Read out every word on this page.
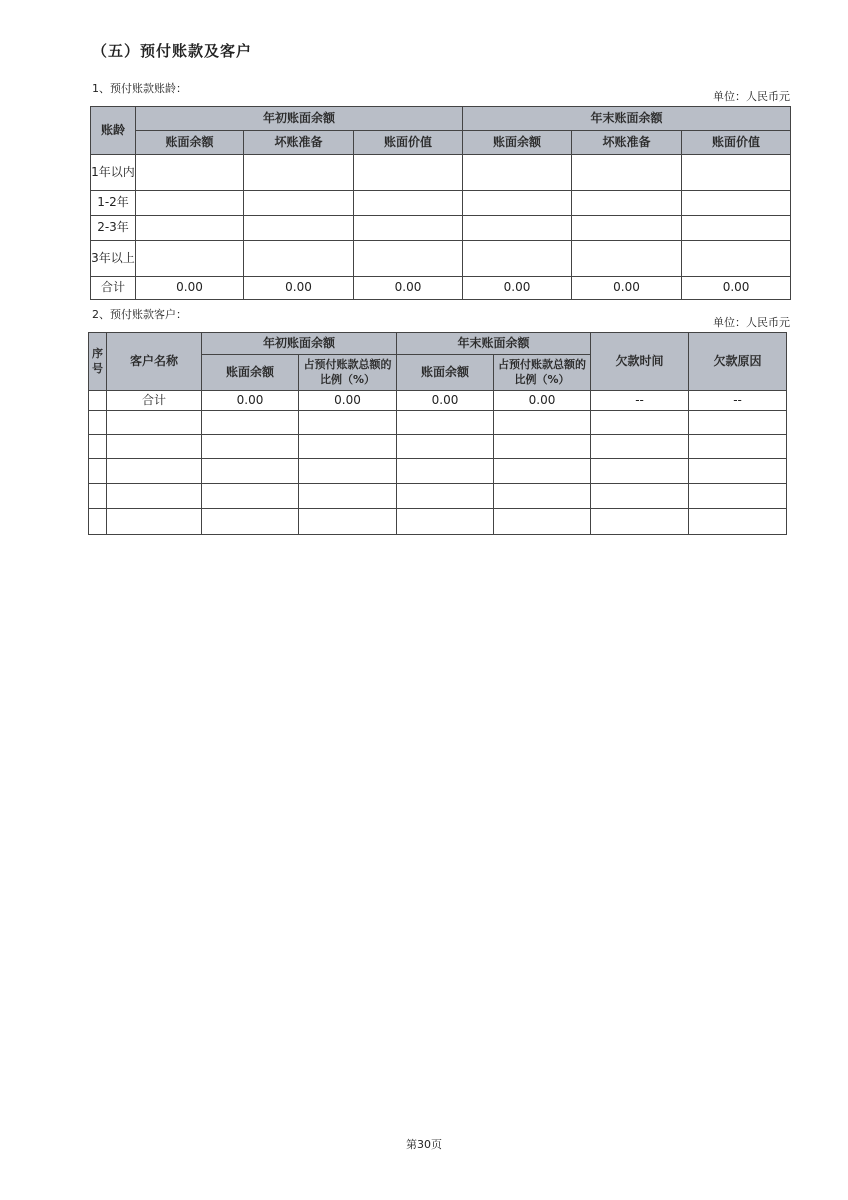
（五）预付账款及客户
1、预付账款账龄：
单位：人民币元
账龄	年初账面余额			年末账面余额		
	账面余额	坏账准备	账面价值	账面余额	坏账准备	账面价值
1年以内						
1-2年						
2-3年						
3年以上						
合计	0.00	0.00	0.00	0.00	0.00	0.00
2、预付账款客户：
单位：人民币元
序号	客户名称	年初账面余额		年末账面余额		欠款时间	欠款原因
		账面余额	占预付账款总额的比例（%）	账面余额	占预付账款总额的比例（%）		
	合计	0.00	0.00	0.00	0.00	--	--

第30页
